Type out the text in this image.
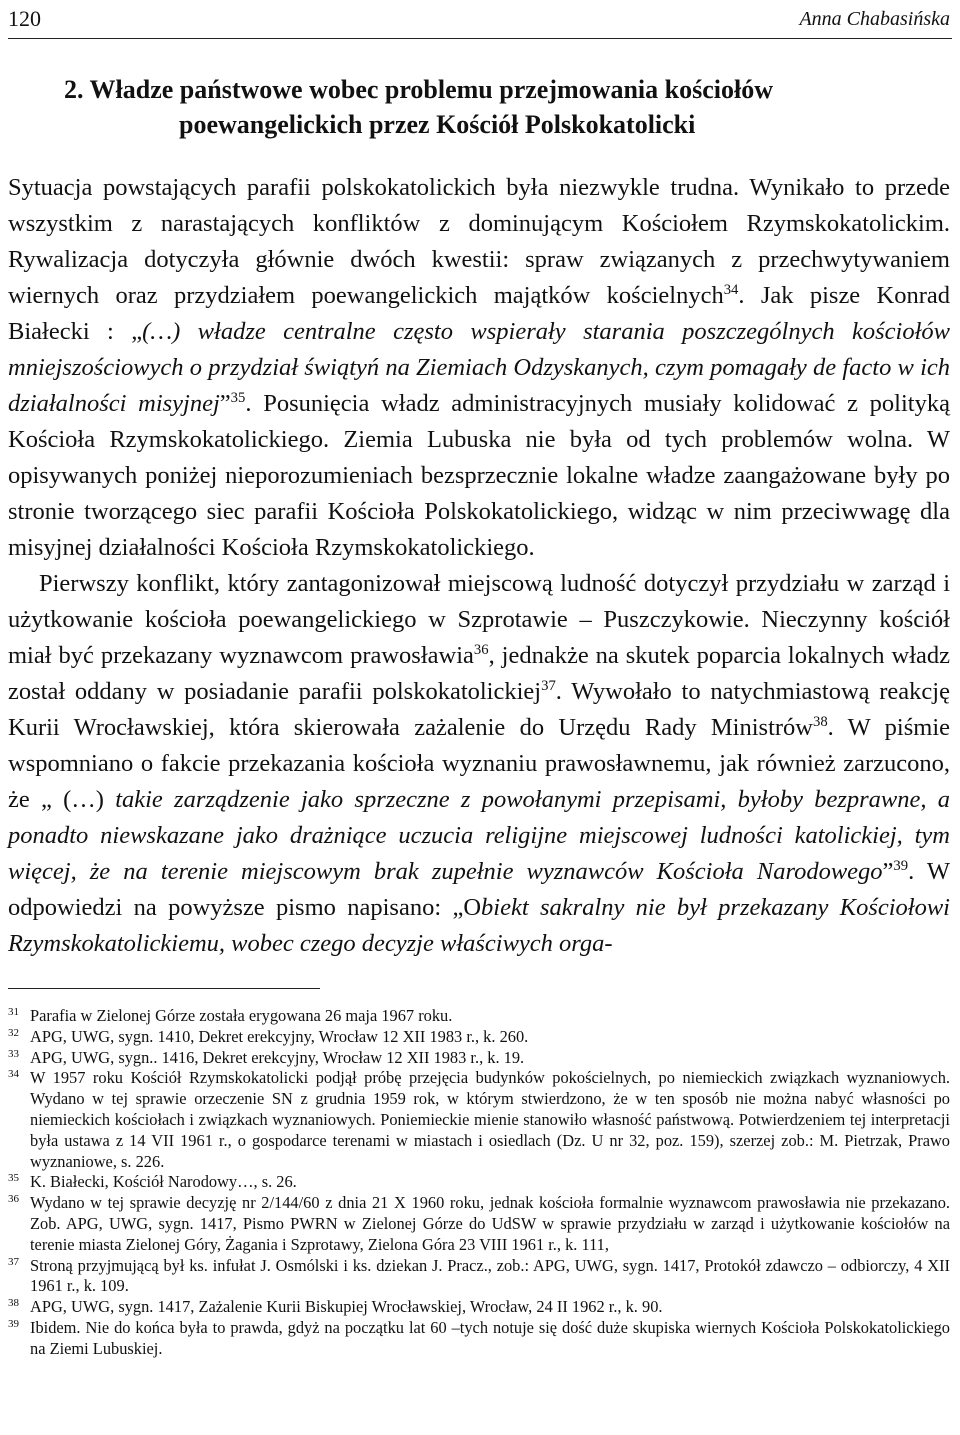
120	Anna Chabasińska
2. Władze państwowe wobec problemu przejmowania kościołów
poewangelickich przez Kościół Polskokatolicki

Sytuacja powstających parafii polskokatolickich była niezwykle trudna. Wynikało to przede wszystkim z narastających konfliktów z dominującym Kościołem Rzymskokatolickim. Rywalizacja dotyczyła głównie dwóch kwestii: spraw związanych z przechwytywaniem wiernych oraz przydziałem poewangelickich majątków kościelnych$^{34}$. Jak pisze Konrad Białecki : „(…) władze centralne często wspierały starania poszczególnych kościołów mniejszościowych o przydział świątyń na Ziemiach Odzyskanych, czym pomagały de facto w ich działalności misyjnej”$^{35}$. Posunięcia władz administracyjnych musiały kolidować z polityką Kościoła Rzymskokatolickiego. Ziemia Lubuska nie była od tych problemów wolna. W opisywanych poniżej nieporozumieniach bezsprzecznie lokalne władze zaangażowane były po stronie tworzącego siec parafii Kościoła Polskokatolickiego, widząc w nim przeciwwagę dla misyjnej działalności Kościoła Rzymskokatolickiego.

Pierwszy konflikt, który zantagonizował miejscową ludność dotyczył przydziału w zarząd i użytkowanie kościoła poewangelickiego w Szprotawie – Puszczykowie. Nieczynny kościół miał być przekazany wyznawcom prawosławia$^{36}$, jednakże na skutek poparcia lokalnych władz został oddany w posiadanie parafii polskokatolickiej$^{37}$. Wywołało to natychmiastową reakcję Kurii Wrocławskiej, która skierowała zażalenie do Urzędu Rady Ministrów$^{38}$. W piśmie wspomniano o fakcie przekazania kościoła wyznaniu prawosławnemu, jak również zarzucono, że „ (…) takie zarządzenie jako sprzeczne z powołanymi przepisami, byłoby bezprawne, a ponadto niewskazane jako drażniące uczucia religijne miejscowej ludności katolickiej, tym więcej, że na terenie miejscowym brak zupełnie wyznawców Kościoła Narodowego”$^{39}$. W odpowiedzi na powyższe pismo napisano: „Obiekt sakralny nie był przekazany Kościołowi Rzymskokatolickiemu, wobec czego decyzje właściwych orga-

31 Parafia w Zielonej Górze została erygowana 26 maja 1967 roku.

32 APG, UWG, sygn. 1410, Dekret erekcyjny, Wrocław 12 XII 1983 r., k. 260.

33 APG, UWG, sygn.. 1416, Dekret erekcyjny, Wrocław 12 XII 1983 r., k. 19.

34 W 1957 roku Kościół Rzymskokatolicki podjął próbę przejęcia budynków pokościelnych, po niemieckich związkach wyznaniowych. Wydano w tej sprawie orzeczenie SN z grudnia 1959 rok, w którym stwierdzono, że w ten sposób nie można nabyć własności po niemieckich kościołach i związkach wyznaniowych. Poniemieckie mienie stanowiło własność państwową. Potwierdzeniem tej interpretacji była ustawa z 14 VII 1961 r., o gospodarce terenami w miastach i osiedlach (Dz. U nr 32, poz. 159), szerzej zob.: M. Pietrzak, Prawo wyznaniowe, s. 226.

35 K. Białecki, Kościół Narodowy…, s. 26.

36 Wydano w tej sprawie decyzję nr 2/144/60 z dnia 21 X 1960 roku, jednak kościoła formalnie wyznawcom prawosławia nie przekazano. Zob. APG, UWG, sygn. 1417, Pismo PWRN w Zielonej Górze do UdSW w sprawie przydziału w zarząd i użytkowanie kościołów na terenie miasta Zielonej Góry, Żagania i Szprotawy, Zielona Góra 23 VIII 1961 r., k. 111,

37 Stroną przyjmującą był ks. infułat J. Osmólski i ks. dziekan J. Pracz., zob.: APG, UWG, sygn. 1417, Protokół zdawczo – odbiorczy, 4 XII 1961 r., k. 109.

38 APG, UWG, sygn. 1417, Zażalenie Kurii Biskupiej Wrocławskiej, Wrocław, 24 II 1962 r., k. 90.

39 Ibidem. Nie do końca była to prawda, gdyż na początku lat 60 –tych notuje się dość duże skupiska wiernych Kościoła Polskokatolickiego na Ziemi Lubuskiej.
